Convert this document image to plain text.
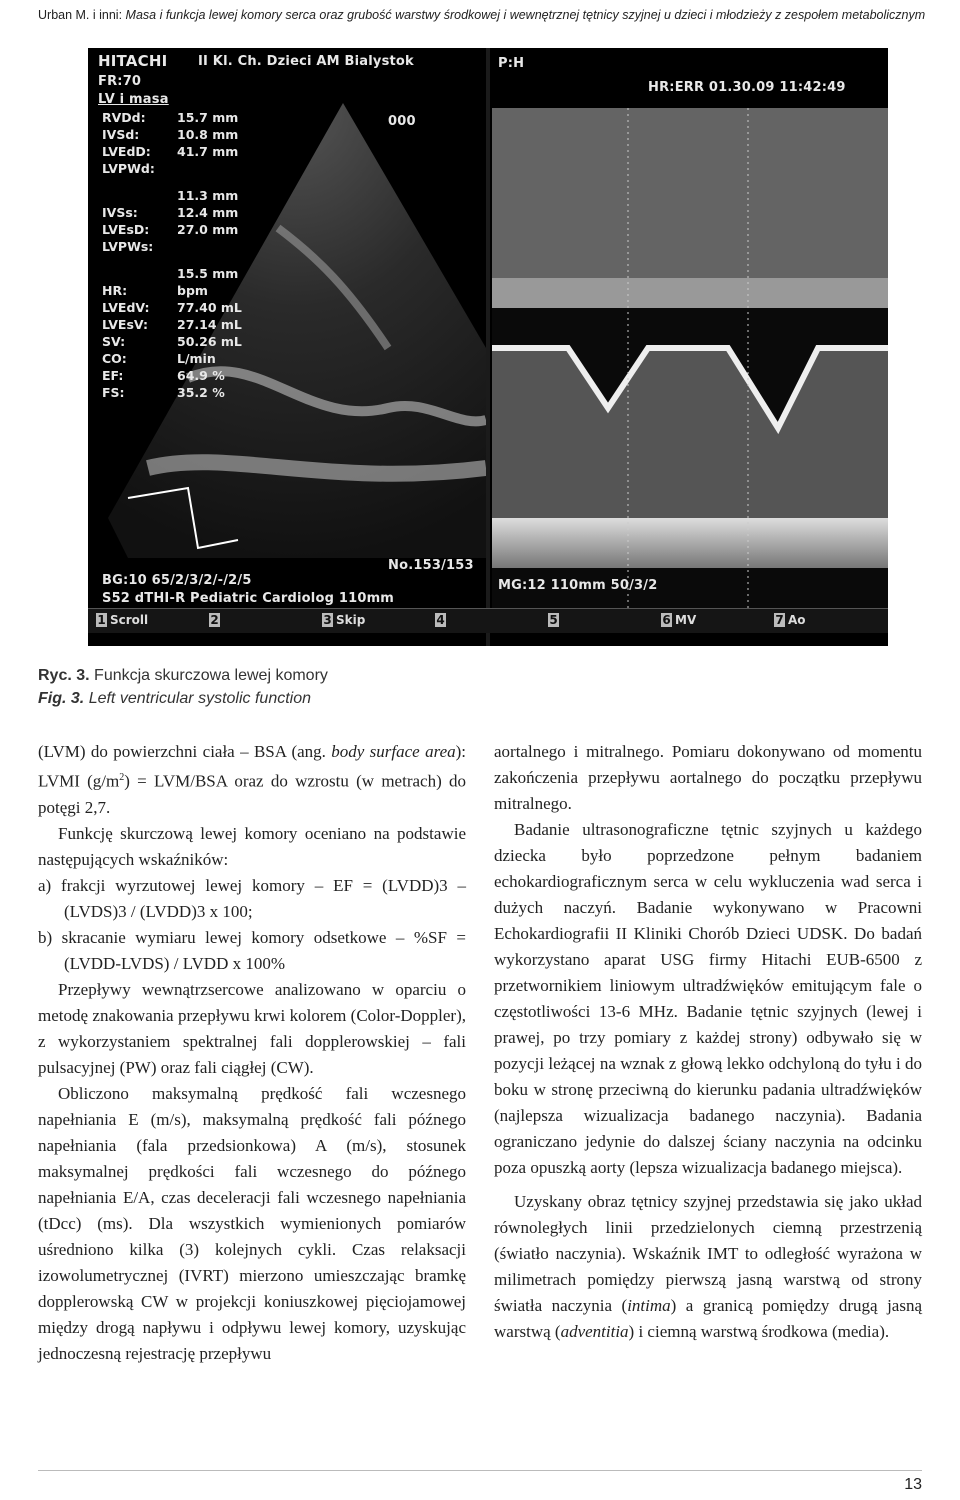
Urban M. i inni: Masa i funkcja lewej komory serca oraz grubość warstwy środkowej i wewnętrznej tętnicy szyjnej u dzieci i młodzieży z zespołem metabolicznym
HITACHI II Kl. Ch. Dzieci AM Bialystok	P:H
FR:70	HR:ERR 01.30.09 11:42:49
LV i masa
000
RVDd:	15.7 mm
IVSd:	10.8 mm
LVEdD: 41.7 mm
LVPWd:
11.3 mm
IVSs:	12.4 mm
LVEsD: 27.0 mm
LVPWs:
15.5 mm
HR:	bpm
LVEdV: 77.40 mL
LVEsV: 27.14 mL
SV:	50.26 mL
CO:	L/min
EF:	64.9 %
FS:	35.2 %
No.153/153
BG:10 65/2/3/2/-/2/5	MG:12 110mm 50/3/2
S52 dTHI-R Pediatric Cardiolog 110mm
1 Scroll	2	3 Skip	4	5	6 MV	7 Ao
Ryc. 3. Funkcja skurczowa lewej komory
Fig. 3. Left ventricular systolic function

(LVM) do powierzchni ciała – BSA (ang. body surface area): LVMI $(g/m^2) = LVM/BSA$ oraz do wzrostu (w metrach) do potęgi 2,7.

Funkcję skurczową lewej komory oceniano na podstawie następujących wskaźników:

a) frakcji wyrzutowej lewej komory – EF = (LVDD)3 – (LVDS)3 / (LVDD)3 x 100;

b) skracanie wymiaru lewej komory odsetkowe – %SF = (LVDD-LVDS) / LVDD x 100%

Przepływy wewnątrzsercowe analizowano w oparciu o metodę znakowania przepływu krwi kolorem (Color-Doppler), z wykorzystaniem spektralnej fali dopplerowskiej – fali pulsacyjnej (PW) oraz fali ciągłej (CW).

Obliczono maksymalną prędkość fali wczesnego napełniania E (m/s), maksymalną prędkość fali późnego napełniania (fala przedsionkowa) A (m/s), stosunek maksymalnej prędkości fali wczesnego do późnego napełniania E/A, czas deceleracji fali wczesnego napełniania (tDcc) (ms). Dla wszystkich wymienionych pomiarów uśredniono kilka (3) kolejnych cykli. Czas relaksacji izowolumetrycznej (IVRT) mierzono umieszczając bramkę dopplerowską CW w projekcji koniuszkowej pięciojamowej między drogą napływu i odpływu lewej komory, uzyskując jednoczesną rejestrację przepływu

aortalnego i mitralnego. Pomiaru dokonywano od momentu zakończenia przepływu aortalnego do początku przepływu mitralnego.

Badanie ultrasonograficzne tętnic szyjnych u każdego dziecka było poprzedzone pełnym badaniem echokardiograficznym serca w celu wykluczenia wad serca i dużych naczyń. Badanie wykonywano w Pracowni Echokardiografii II Kliniki Chorób Dzieci UDSK. Do badań wykorzystano aparat USG firmy Hitachi EUB-6500 z przetwornikiem liniowym ultradźwięków emitującym fale o częstotliwości 13-6 MHz. Badanie tętnic szyjnych (lewej i prawej, po trzy pomiary z każdej strony) odbywało się w pozycji leżącej na wznak z głową lekko odchyloną do tyłu i do boku w stronę przeciwną do kierunku padania ultradźwięków (najlepsza wizualizacja badanego naczynia). Badania ograniczano jedynie do dalszej ściany naczynia na odcinku poza opuszką aorty (lepsza wizualizacja badanego miejsca).

Uzyskany obraz tętnicy szyjnej przedstawia się jako układ równoległych linii przedzielonych ciemną przestrzenią (światło naczynia). Wskaźnik IMT to odległość wyrażona w milimetrach pomiędzy pierwszą jasną warstwą od strony światła naczynia (intima) a granicą pomiędzy drugą jasną warstwą (adventitia) i ciemną warstwą środkowa (media).

13
